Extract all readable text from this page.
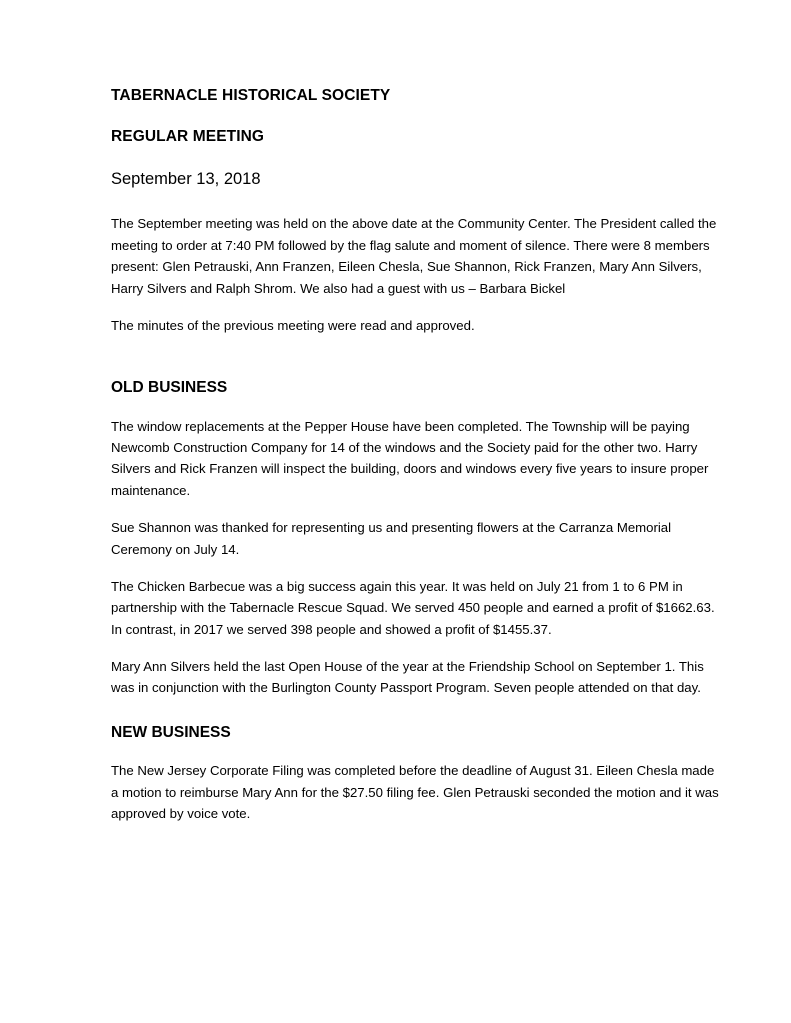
TABERNACLE HISTORICAL SOCIETY
REGULAR MEETING
September 13, 2018

The September meeting was held on the above date at the Community Center. The President called the meeting to order at 7:40 PM followed by the flag salute and moment of silence. There were 8 members present: Glen Petrauski, Ann Franzen, Eileen Chesla, Sue Shannon, Rick Franzen, Mary Ann Silvers, Harry Silvers and Ralph Shrom. We also had a guest with us – Barbara Bickel

The minutes of the previous meeting were read and approved.

OLD BUSINESS

The window replacements at the Pepper House have been completed. The Township will be paying Newcomb Construction Company for 14 of the windows and the Society paid for the other two. Harry Silvers and Rick Franzen will inspect the building, doors and windows every five years to insure proper maintenance.

Sue Shannon was thanked for representing us and presenting flowers at the Carranza Memorial Ceremony on July 14.

The Chicken Barbecue was a big success again this year. It was held on July 21 from 1 to 6 PM in partnership with the Tabernacle Rescue Squad. We served 450 people and earned a profit of $1662.63. In contrast, in 2017 we served 398 people and showed a profit of $1455.37.

Mary Ann Silvers held the last Open House of the year at the Friendship School on September 1. This was in conjunction with the Burlington County Passport Program. Seven people attended on that day.

NEW BUSINESS

The New Jersey Corporate Filing was completed before the deadline of August 31. Eileen Chesla made a motion to reimburse Mary Ann for the $27.50 filing fee. Glen Petrauski seconded the motion and it was approved by voice vote.
